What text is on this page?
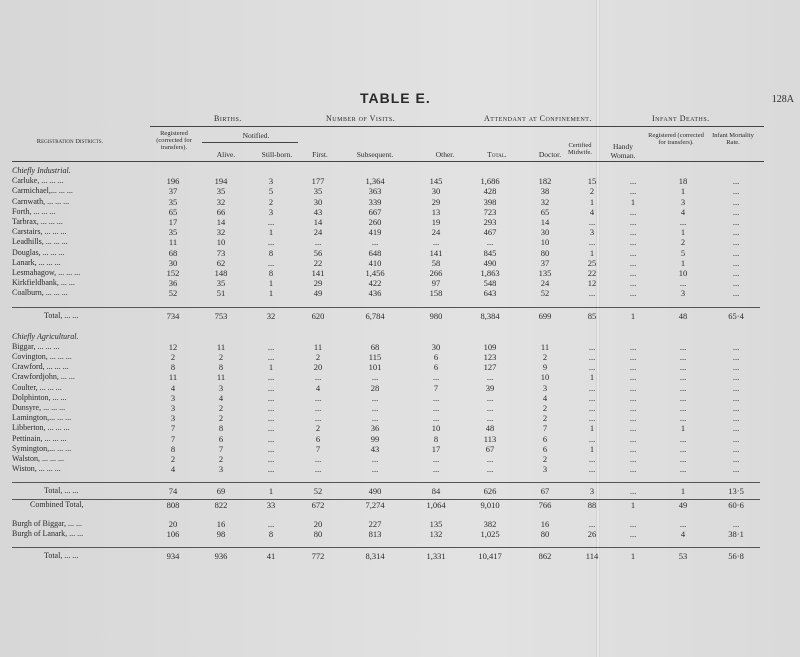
TABLE E.	128A
Births.	Number of Visits.	Attendant at Confinement.	Infant Deaths.
Registration Districts.
Registered (corrected for transfers).
Notified.
Alive.	Still-born.	First.	Subsequent.	Other.	Total.	Doctor.
Certified Midwife.
Handy Woman.
Registered (corrected for transfers).
Infant Mortality Rate.
Chiefly Industrial.												
Carluke, ... ... ...	196	194	3	177	1,364	145	1,686	182	15	...	18	...
Carmichael,... ... ...	37	35	5	35	363	30	428	38	2	...	1	...
Carnwath, ... ... ...	35	32	2	30	339	29	398	32	1	1	3	...
Forth, ... ... ...	65	66	3	43	667	13	723	65	4	...	4	...
Tarbrax, ... ... ...	17	14	...	14	260	19	293	14	...	...	...	...
Carstairs, ... ... ...	35	32	1	24	419	24	467	30	3	...	1	...
Leadhills, ... ... ...	11	10	...	...	...	...	...	10	...	...	2	...
Douglas, ... ... ...	68	73	8	56	648	141	845	80	1	...	5	...
Lanark, ... ... ...	30	62	...	22	410	58	490	37	25	...	1	...
Lesmahagow, ... ... ...	152	148	8	141	1,456	266	1,863	135	22	...	10	...
Kirkfieldbank, ... ...	36	35	1	29	422	97	548	24	12	...	...	...
Coalburn, ... ... ...	52	51	1	49	436	158	643	52	...	...	3	...

Total, ... ...	734	753	32	620	6,784	980	8,384	699	85	1	48	65·4

Chiefly Agricultural.												
Biggar, ... ... ...	12	11	...	11	68	30	109	11	...	...	...	...
Covington, ... ... ...	2	2	...	2	115	6	123	2	...	...	...	...
Crawford, ... ... ...	8	8	1	20	101	6	127	9	...	...	...	...
Crawfordjohn, ... ...	11	11	...	...	...	...	...	10	1	...	...	...
Coulter, ... ... ...	4	3	...	4	28	7	39	3	...	...	...	...
Dolphinton, ... ...	3	4	...	...	...	...	...	4	...	...	...	...
Dunsyre, ... ... ...	3	2	...	...	...	...	...	2	...	...	...	...
Lamington,... ... ...	3	2	...	...	...	...	...	2	...	...	...	...
Libberton, ... ... ...	7	8	...	2	36	10	48	7	1	...	1	...
Pettinain, ... ... ...	7	6	...	6	99	8	113	6	...	...	...	...
Symington,... ... ...	8	7	...	7	43	17	67	6	1	...	...	...
Walston, ... ... ...	2	2	...	...	...	...	...	2	...	...	...	...
Wiston, ... ... ...	4	3	...	...	...	...	...	3	...	...	...	...

Total, ... ...	74	69	1	52	490	84	626	67	3	...	1	13·5
Combined Total,	808	822	33	672	7,274	1,064	9,010	766	88	1	49	60·6

Burgh of Biggar, ... ...	20	16	...	20	227	135	382	16	...	...	...	...
Burgh of Lanark, ... ...	106	98	8	80	813	132	1,025	80	26	...	4	38·1

Total, ... ...	934	936	41	772	8,314	1,331	10,417	862	114	1	53	56·8
